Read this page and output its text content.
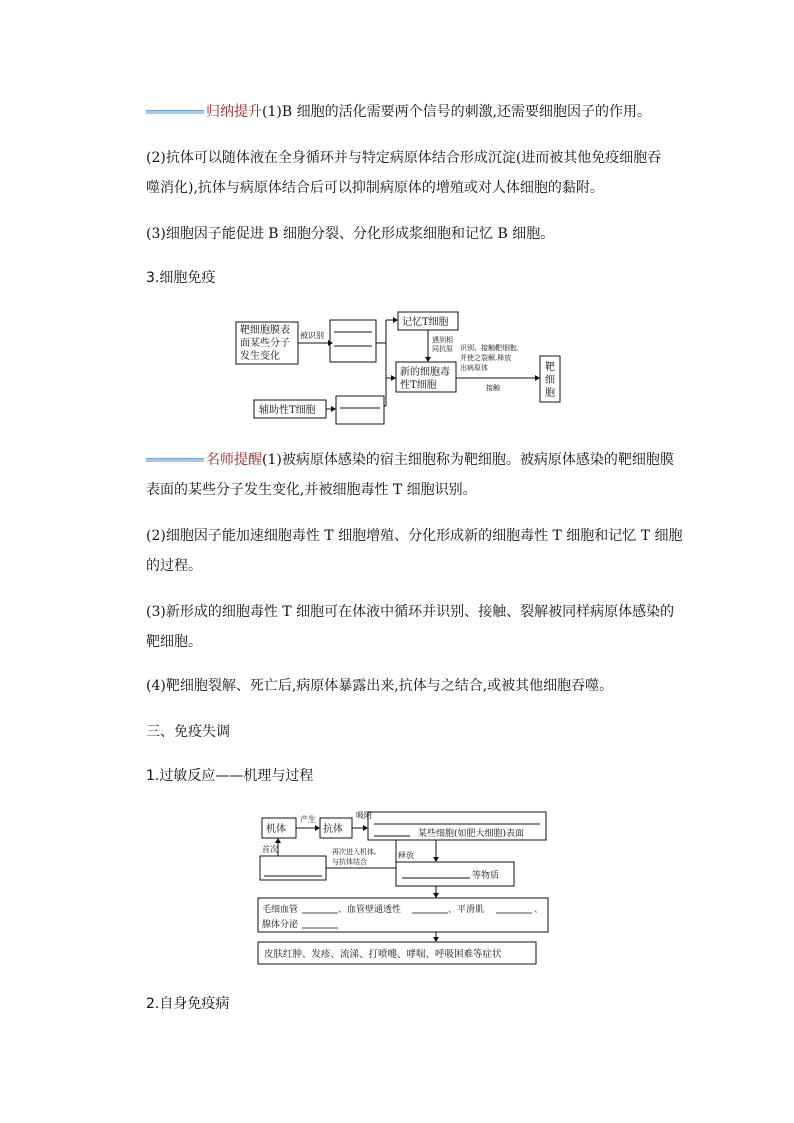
归纳提升(1)B 细胞的活化需要两个信号的刺激,还需要细胞因子的作用。
(2)抗体可以随体液在全身循环并与特定病原体结合形成沉淀(进而被其他免疫细胞吞
噬消化),抗体与病原体结合后可以抑制病原体的增殖或对人体细胞的黏附。
(3)细胞因子能促进 B 细胞分裂、分化形成浆细胞和记忆 B 细胞。
3.细胞免疫
靶细胞膜表
面某些分子
发生变化
被识别
记忆T细胞
遇到相
同抗原
新的细胞毒
性T细胞
识别、接触靶细胞,
并使之裂解,释放
出病原体
接触
靶
细
胞
辅助性T细胞
名师提醒(1)被病原体感染的宿主细胞称为靶细胞。被病原体感染的靶细胞膜
表面的某些分子发生变化,并被细胞毒性 T 细胞识别。
(2)细胞因子能加速细胞毒性 T 细胞增殖、分化形成新的细胞毒性 T 细胞和记忆 T 细胞
的过程。
(3)新形成的细胞毒性 T 细胞可在体液中循环并识别、接触、裂解被同样病原体感染的
靶细胞。
(4)靶细胞裂解、死亡后,病原体暴露出来,抗体与之结合,或被其他细胞吞噬。
三、免疫失调
1.过敏反应——机理与过程
机体
产生
抗体
吸附
某些细胞(如肥大细胞)表面
首次	再次进入机体,
与抗体结合
释放
等物质
毛细血管	、血管壁通透性	、平滑肌	、
腺体分泌
皮肤红肿、发疹、流涕、打喷嚏、哮喘、呼吸困难等症状
2.自身免疫病
